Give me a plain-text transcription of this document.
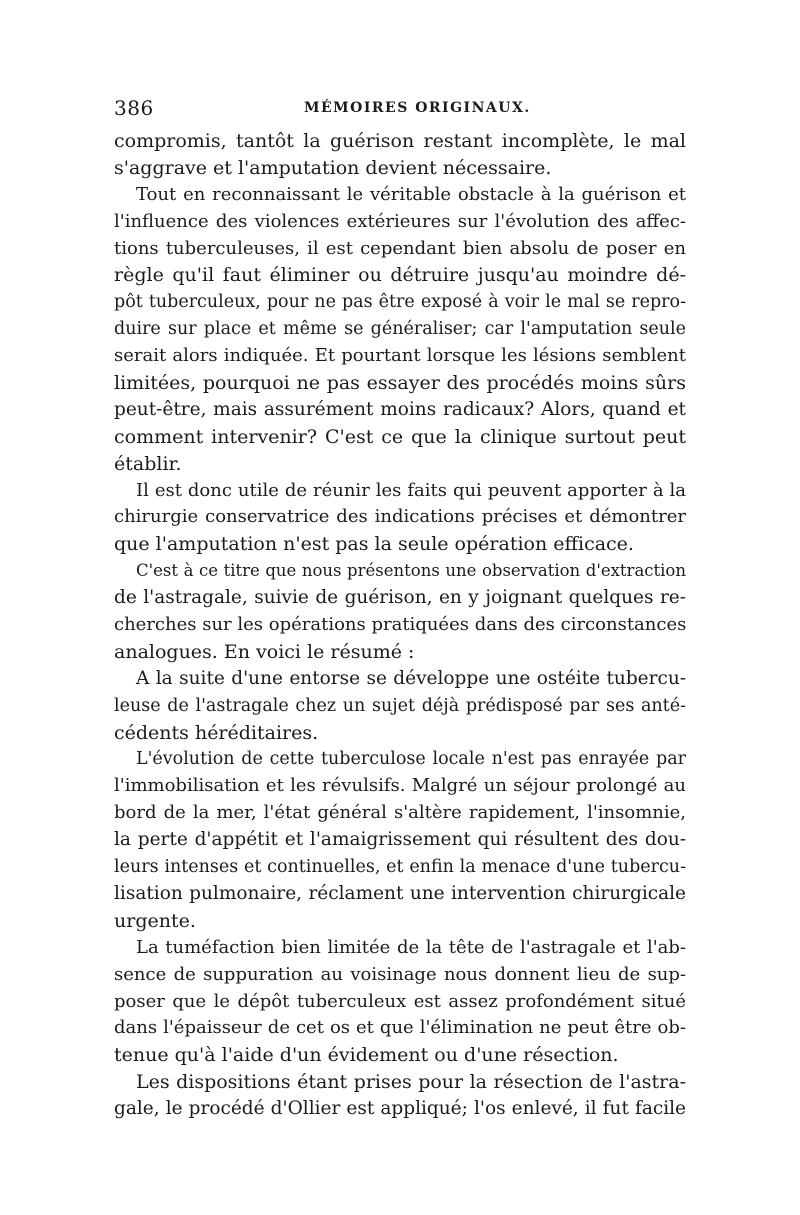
386	MÉMOIRES ORIGINAUX.
compromis, tantôt la guérison restant incomplète, le mal
s'aggrave et l'amputation devient nécessaire.
Tout en reconnaissant le véritable obstacle à la guérison et
l'influence des violences extérieures sur l'évolution des affec-
tions tuberculeuses, il est cependant bien absolu de poser en
règle qu'il faut éliminer ou détruire jusqu'au moindre dé-
pôt tuberculeux, pour ne pas être exposé à voir le mal se repro-
duire sur place et même se généraliser; car l'amputation seule
serait alors indiquée. Et pourtant lorsque les lésions semblent
limitées, pourquoi ne pas essayer des procédés moins sûrs
peut-être, mais assurément moins radicaux? Alors, quand et
comment intervenir? C'est ce que la clinique surtout peut
établir.
Il est donc utile de réunir les faits qui peuvent apporter à la
chirurgie conservatrice des indications précises et démontrer
que l'amputation n'est pas la seule opération efficace.
C'est à ce titre que nous présentons une observation d'extraction
de l'astragale, suivie de guérison, en y joignant quelques re-
cherches sur les opérations pratiquées dans des circonstances
analogues. En voici le résumé :
A la suite d'une entorse se développe une ostéite tubercu-
leuse de l'astragale chez un sujet déjà prédisposé par ses anté-
cédents héréditaires.
L'évolution de cette tuberculose locale n'est pas enrayée par
l'immobilisation et les révulsifs. Malgré un séjour prolongé au
bord de la mer, l'état général s'altère rapidement, l'insomnie,
la perte d'appétit et l'amaigrissement qui résultent des dou-
leurs intenses et continuelles, et enfin la menace d'une tubercu-
lisation pulmonaire, réclament une intervention chirurgicale
urgente.
La tuméfaction bien limitée de la tête de l'astragale et l'ab-
sence de suppuration au voisinage nous donnent lieu de sup-
poser que le dépôt tuberculeux est assez profondément situé
dans l'épaisseur de cet os et que l'élimination ne peut être ob-
tenue qu'à l'aide d'un évidement ou d'une résection.
Les dispositions étant prises pour la résection de l'astra-
gale, le procédé d'Ollier est appliqué; l'os enlevé, il fut facile
